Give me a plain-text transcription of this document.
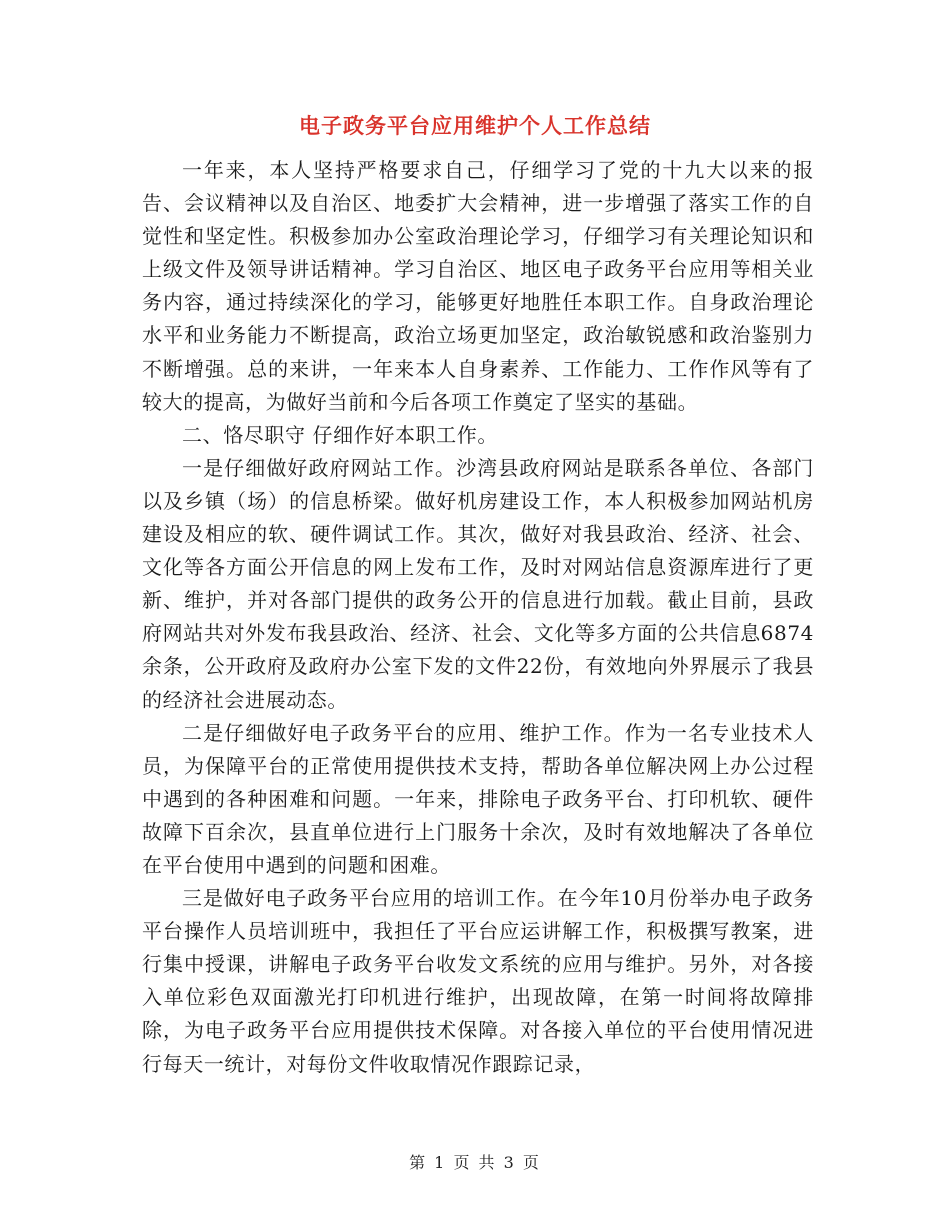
电子政务平台应用维护个人工作总结

一年来，本人坚持严格要求自己，仔细学习了党的十九大以来的报告、会议精神以及自治区、地委扩大会精神，进一步增强了落实工作的自觉性和坚定性。积极参加办公室政治理论学习，仔细学习有关理论知识和上级文件及领导讲话精神。学习自治区、地区电子政务平台应用等相关业务内容，通过持续深化的学习，能够更好地胜任本职工作。自身政治理论水平和业务能力不断提高，政治立场更加坚定，政治敏锐感和政治鉴别力不断增强。总的来讲，一年来本人自身素养、工作能力、工作作风等有了较大的提高，为做好当前和今后各项工作奠定了坚实的基础。

二、恪尽职守 仔细作好本职工作。

一是仔细做好政府网站工作。沙湾县政府网站是联系各单位、各部门以及乡镇（场）的信息桥梁。做好机房建设工作，本人积极参加网站机房建设及相应的软、硬件调试工作。其次，做好对我县政治、经济、社会、文化等各方面公开信息的网上发布工作，及时对网站信息资源库进行了更新、维护，并对各部门提供的政务公开的信息进行加载。截止目前，县政府网站共对外发布我县政治、经济、社会、文化等多方面的公共信息6874余条，公开政府及政府办公室下发的文件22份，有效地向外界展示了我县的经济社会进展动态。

二是仔细做好电子政务平台的应用、维护工作。作为一名专业技术人员，为保障平台的正常使用提供技术支持，帮助各单位解决网上办公过程中遇到的各种困难和问题。一年来，排除电子政务平台、打印机软、硬件故障下百余次，县直单位进行上门服务十余次，及时有效地解决了各单位在平台使用中遇到的问题和困难。

三是做好电子政务平台应用的培训工作。在今年10月份举办电子政务平台操作人员培训班中，我担任了平台应运讲解工作，积极撰写教案，进行集中授课，讲解电子政务平台收发文系统的应用与维护。另外，对各接入单位彩色双面激光打印机进行维护，出现故障，在第一时间将故障排除，为电子政务平台应用提供技术保障。对各接入单位的平台使用情况进行每天一统计，对每份文件收取情况作跟踪记录，

第 1 页 共 3 页
